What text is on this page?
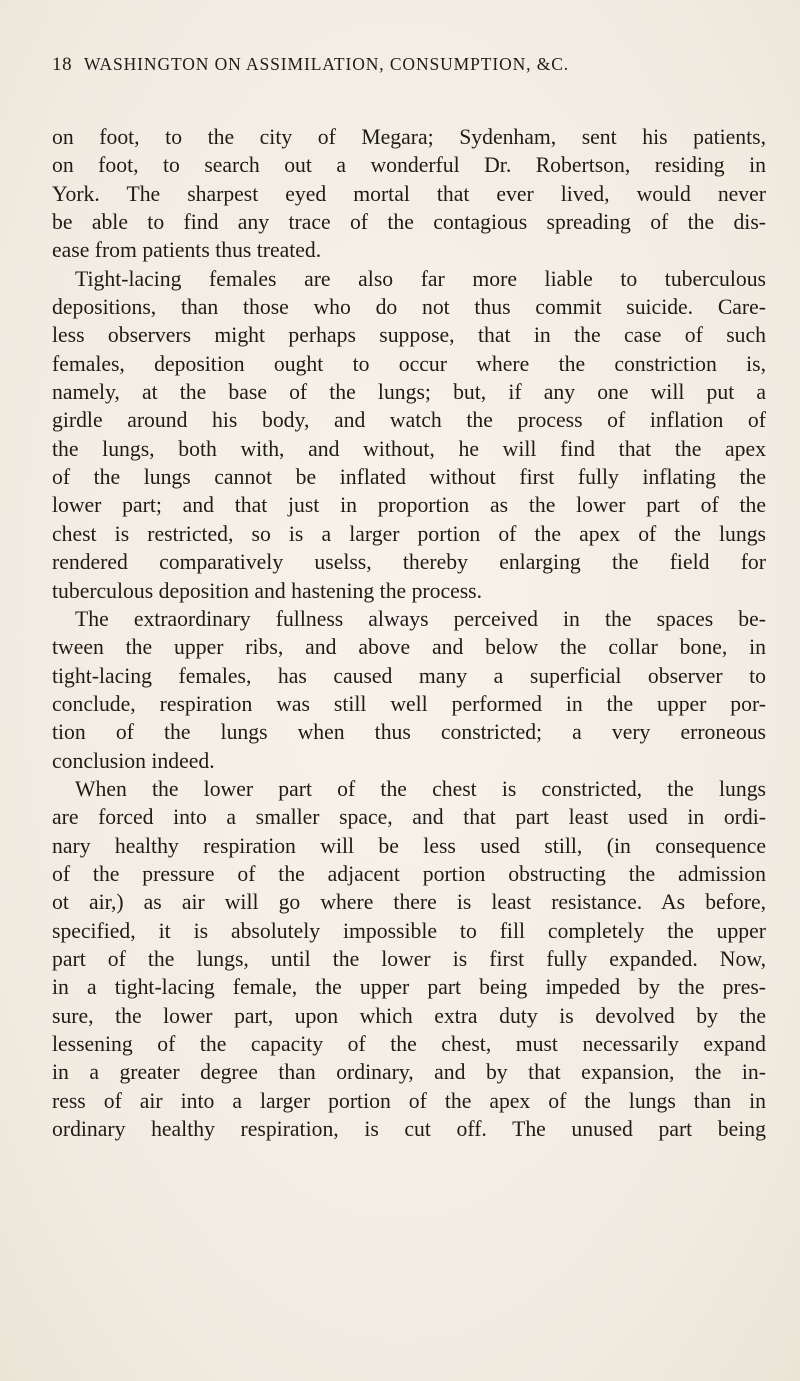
18 WASHINGTON ON ASSIMILATION, CONSUMPTION, &C.
on foot, to the city of Megara; Sydenham, sent his patients,
on foot, to search out a wonderful Dr. Robertson, residing in
York. The sharpest eyed mortal that ever lived, would never
be able to find any trace of the contagious spreading of the dis-
ease from patients thus treated.
Tight-lacing females are also far more liable to tuberculous
depositions, than those who do not thus commit suicide. Care-
less observers might perhaps suppose, that in the case of such
females, deposition ought to occur where the constriction is,
namely, at the base of the lungs; but, if any one will put a
girdle around his body, and watch the process of inflation of
the lungs, both with, and without, he will find that the apex
of the lungs cannot be inflated without first fully inflating the
lower part; and that just in proportion as the lower part of the
chest is restricted, so is a larger portion of the apex of the lungs
rendered comparatively uselss, thereby enlarging the field for
tuberculous deposition and hastening the process.
The extraordinary fullness always perceived in the spaces be-
tween the upper ribs, and above and below the collar bone, in
tight-lacing females, has caused many a superficial observer to
conclude, respiration was still well performed in the upper por-
tion of the lungs when thus constricted; a very erroneous
conclusion indeed.
When the lower part of the chest is constricted, the lungs
are forced into a smaller space, and that part least used in ordi-
nary healthy respiration will be less used still, (in consequence
of the pressure of the adjacent portion obstructing the admission
ot air,) as air will go where there is least resistance. As before,
specified, it is absolutely impossible to fill completely the upper
part of the lungs, until the lower is first fully expanded. Now,
in a tight-lacing female, the upper part being impeded by the pres-
sure, the lower part, upon which extra duty is devolved by the
lessening of the capacity of the chest, must necessarily expand
in a greater degree than ordinary, and by that expansion, the in-
ress of air into a larger portion of the apex of the lungs than in
ordinary healthy respiration, is cut off. The unused part being
